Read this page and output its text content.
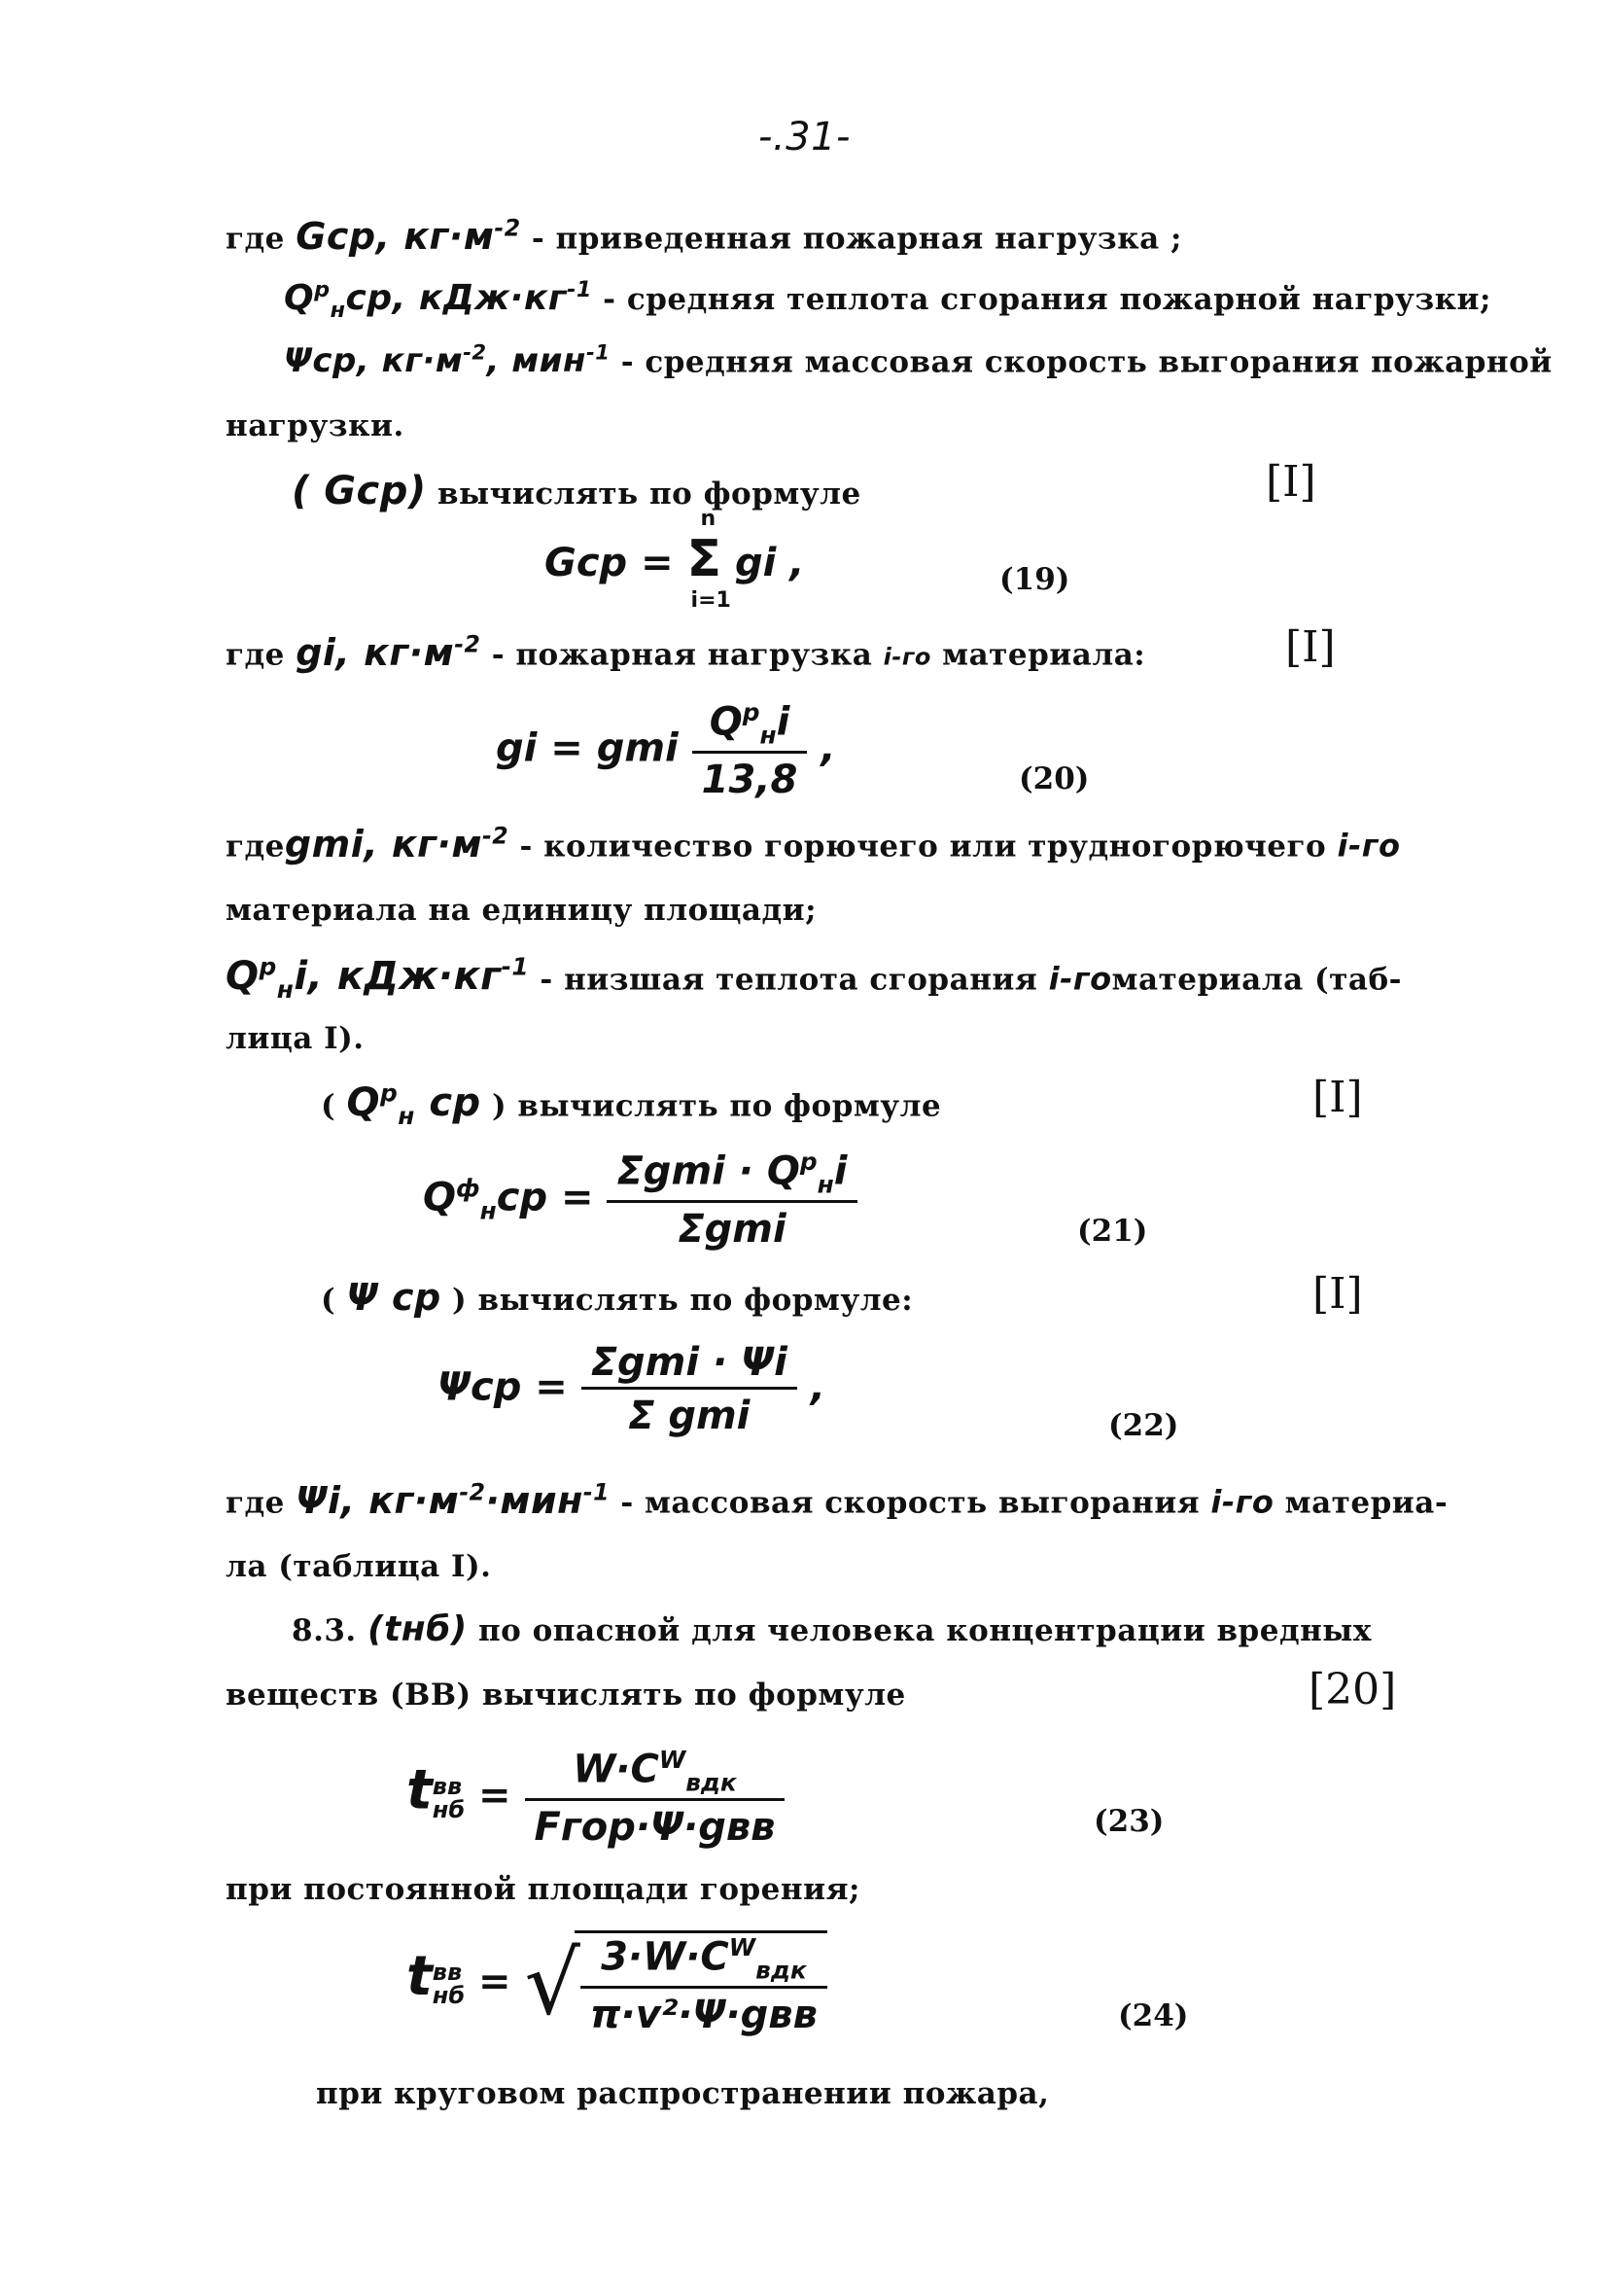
-.31-
где Gср, $кг\cdot м^{-2}$ - приведенная пожарная нагрузка ;
$Q^р_нср$, $кДж\cdot кг^{-1}$ - средняя теплота сгорания пожарной нагрузки;
Ψср, $кг\cdot м^{-2}$, мин$^{-1}$ - средняя массовая скорость выгорания пожарной
нагрузки.
( Gср) вычислять по формуле	[I]
Gср = Σ
n
i=1
gi ,	(19)
где gi, $кг\cdot м^{-2}$ - пожарная нагрузка i-го материала:	[I]
gi = gmi $\frac{Q^р_нi}{13,8}$ ,
(20)
гдеgmi, $кг\cdot м^{-2}$ - количество горючего или трудногорючего i-го
материала на единицу площади;
$Q^р_нi$, $кДж\cdot кг^{-1}$ - низшая теплота сгорания i-гоматериала (таб-
лица I).
( $Q^р_н$ ср ) вычислять по формуле	[I]
$Q^ф_нср = \frac{\Sigma gmi \cdot Q^р_нi}{\text{Σgmi}}$	(21)
( Ψ ср ) вычислять по формуле:	[I]
$\Psi ср = \frac{\text{Σgmi · Ψi}}{\text{Σ gmi}}$ ,
(22)
где Ψi, $кг\cdot м^{-2}\cdot мин^{-1}$ - массовая скорость выгорания i-го материа-
ла (таблица I).
8.3. (tнб) по опасной для человека концентрации вредных
веществ (ВВ) вычислять по формуле	[20]
t вв
нб = $\frac{W\cdot C^W_{вдк}}{\text{Fгор·Ψ·gвв}}$	(23)
при постоянной площади горения;
t вв
нб = √ $\frac{3\cdot W\cdot C^W_{вдк}}{\text{π·v²·Ψ·gвв}}$	(24)
при круговом распространении пожара,
